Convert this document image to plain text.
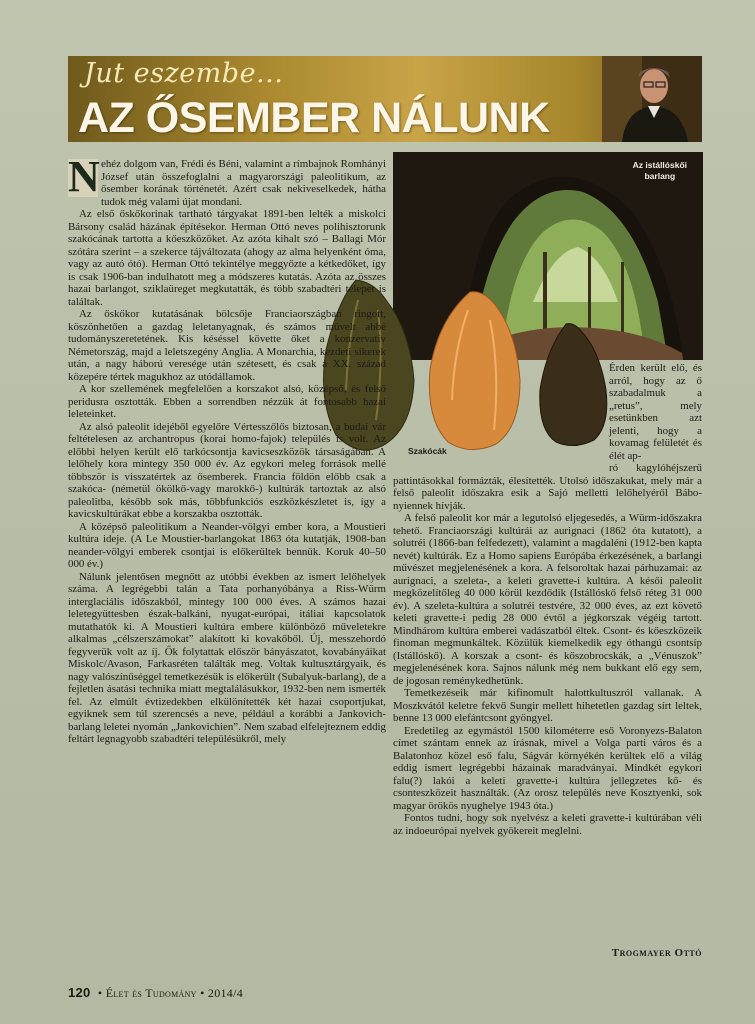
Jut eszembe...
AZ ŐSEMBER NÁLUNK
Az istállóskői
barlang
Szakócák

N ehéz dolgom van, Frédi és Béni, valamint a rímbajnok Romhányi József után összefoglalni a magyarországi paleolitikum, az ősember korának történetét. Azért csak nekiveselkedek, hátha tudok még valami újat mondani.

Az első őskőkorinak tartható tárgyakat 1891-ben lelték a miskolci Bársony család házának építésekor. Herman Ottó neves polihisztorunk szakócának tartotta a kőeszközöket. Az azóta kihalt szó – Ballagi Mór szótára szerint – a szekerce tájváltozata (ahogy az alma helyenként óma, vagy az autó ótó). Herman Ottó tekintélye meggyőzte a kétkedőket, így is csak 1906-ban indulhatott meg a módszeres kutatás. Azóta az összes hazai barlangot, sziklaüreget megkutatták, és több szabadtéri telepet is találtak.

Az őskőkor kutatásának bölcsője Franciaországban ringott, köszönhetően a gazdag leletanyagnak, és számos művelt abbé tudományszeretetének. Kis késéssel követte őket a konzervatív Németország, majd a leletszegény Anglia. A Monarchia, kezdeti sikerek után, a nagy háború veresége után szétesett, és csak a XX. század közepére tértek magukhoz az utódállamok.

A kor szellemének megfelelően a korszakot alsó, középső, és felső peridusra osztották. Ebben a sorrendben nézzük át fontosabb hazai leleteinket.

Az alsó paleolit idejéből egyelőre Vértesszőlős biztosan, a budai vár feltételesen az archantropus (korai homo-fajok) település is volt. Az előbbi helyen került elő tarkócsontja kavicseszközök társaságában. A lelőhely kora mintegy 350 000 év. Az egykori meleg források mellé többször is visszatértek az ősemberek. Francia földön előbb csak a szakóca- (németül ökölkő-vagy marokkő-) kultúrák tartoztak az alsó paleolitba, később sok más, többfunkciós eszközkészletet is, így a kavicskultúrákat ebbe a korszakba osztották.

A középső paleolitikum a Neander-völgyi ember kora, a Moustieri kultúra ideje. (A Le Moustier-barlangokat 1863 óta kutatják, 1908-ban neander-völgyi emberek csontjai is előkerültek bennük. Koruk 40–50 000 év.)

Nálunk jelentősen megnőtt az utóbbi években az ismert lelőhelyek száma. A legrégebbi talán a Tata porhanyóbánya a Riss-Würm interglaciális időszakból, mintegy 100 000 éves. A számos hazai leletegyüttesben észak-balkáni, nyugat-európai, itáliai kapcsolatok mutathatók ki. A Moustieri kultúra embere különböző műveletekre alkalmas „célszerszámokat” alakított ki kovakőből. Új, messzehordó fegyverük volt az íj. Ők folytattak először bányászatot, kovabányáikat Miskolc/Avason, Farkasréten találták meg. Voltak kultusztárgyaik, és nagy valószínűséggel temetkezésük is előkerült (Subalyuk-barlang), de a fejletlen ásatási technika miatt megtalálásukkor, 1932-ben nem ismerték fel. Az elmúlt évtizedekben elkülönítették két hazai csoportjukat, egyiknek sem túl szerencsés a neve, például a korábbi a Jankovich-barlang leletei nyomán „Jankovichien”. Nem szabad elfelejteznem eddig feltárt legnagyobb szabadtéri településükről, mely

Érden került elő, és arról, hogy az ő szabadalmuk a „retus”, mely esetünkben azt jelenti, hogy a kovamag felületét és élét ap-

ró kagylóhéjszerű pattintásokkal formázták, élesítették. Utolsó időszakukat, mely már a felső paleolit időszakra esik a Sajó melletti lelőhelyéről Bábo-nyiennek hívják.

A felső paleolit kor már a legutolsó eljegesedés, a Würm-időszakra tehető. Franciaországi kultúrái az aurignaci (1862 óta kutatott), a solutréi (1866-ban felfedezett), valamint a magdaléni (1912-ben kapta nevét) kultúrák. Ez a Homo sapiens Európába érkezésének, a barlangi művészet megjelenésének a kora. A felsoroltak hazai párhuzamai: az aurignaci, a szeleta-, a keleti gravette-i kultúra. A késői paleolit megközelítőleg 40 000 körül kezdődik (Istállóskő felső réteg 31 000 év). A szeleta-kultúra a solutréi testvére, 32 000 éves, az ezt követő keleti gravette-i pedig 28 000 évtől a jégkorszak végéig tartott. Mindhárom kultúra emberei vadászatból éltek. Csont- és kőeszközeik finoman megmunkáltek. Közülük kiemelkedik egy óthangú csontsíp (Istállóskő). A korszak a csont- és kőszobrocskák, a „Vénuszok” megjelenésének kora. Sajnos nálunk még nem bukkant elő egy sem, de jogosan reménykedhetünk.

Temetkezéseik már kifinomult halottkultuszról vallanak. A Moszkvától keletre fekvő Sungir mellett hihetetlen gazdag sírt leltek, benne 13 000 elefántcsont gyöngyel.

Eredetileg az egymástól 1500 kilométerre eső Voronyezs-Balaton címet szántam ennek az írásnak, mivel a Volga parti város és a Balatonhoz közel eső falu, Ságvár környékén kerültek elő a világ eddig ismert legrégebbi házainak maradványai. Mindkét egykori falu(?) lakói a keleti gravette-i kultúra jellegzetes kő- és csonteszközeit használták. (Az orosz település neve Kosztyenki, sok magyar örökös nyughelye 1943 óta.)

Fontos tudni, hogy sok nyelvész a keleti gravette-i kultúrában véli az indoeurópai nyelvek gyökereit meglelni.

Trogmayer Ottó
120 • Élet és Tudomány • 2014/4
